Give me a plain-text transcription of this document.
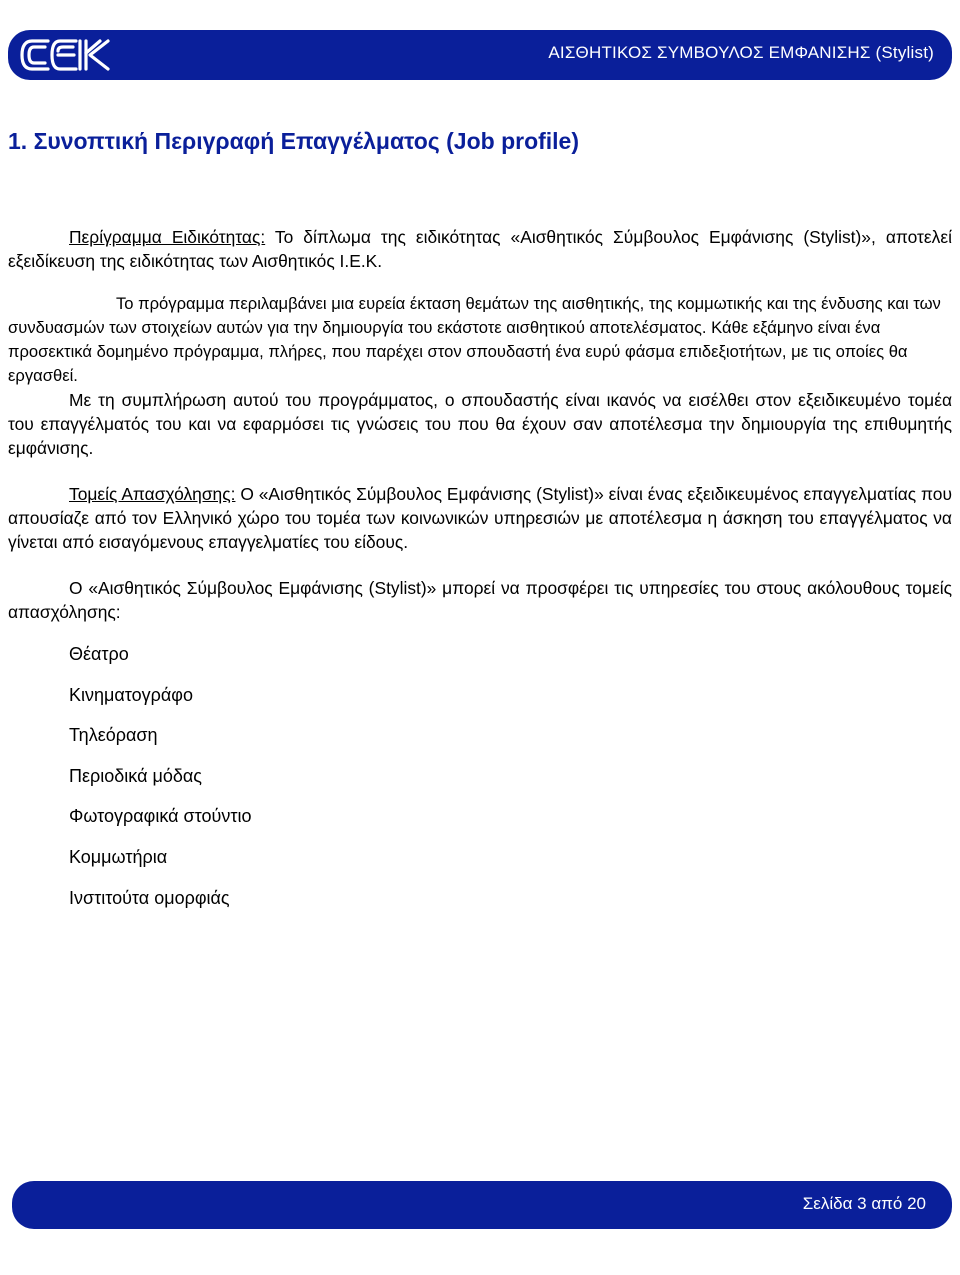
ΑΙΣΘΗΤΙΚΟΣ ΣΥΜΒΟΥΛΟΣ ΕΜΦΑΝΙΣΗΣ (Stylist)
1. Συνοπτική Περιγραφή Επαγγέλματος (Job profile)

Περίγραμμα Ειδικότητας: Το δίπλωμα της ειδικότητας «Αισθητικός Σύμβουλος Εμφάνισης (Stylist)», αποτελεί εξειδίκευση της ειδικότητας των Αισθητικός Ι.Ε.Κ.

Το πρόγραμμα περιλαμβάνει μια ευρεία έκταση θεμάτων της αισθητικής, της κομμωτικής και της ένδυσης και των συνδυασμών των στοιχείων αυτών για την δημιουργία του εκάστοτε αισθητικού αποτελέσματος. Κάθε εξάμηνο είναι ένα προσεκτικά δομημένο πρόγραμμα, πλήρες, που παρέχει στον σπουδαστή ένα ευρύ φάσμα επιδεξιοτήτων, με τις οποίες θα εργασθεί.

Με τη συμπλήρωση αυτού του προγράμματος, ο σπουδαστής είναι ικανός να εισέλθει στον εξειδικευμένο τομέα του επαγγέλματός του και να εφαρμόσει τις γνώσεις του που θα έχουν σαν αποτέλεσμα την δημιουργία της επιθυμητής εμφάνισης.

Τομείς Απασχόλησης: Ο «Αισθητικός Σύμβουλος Εμφάνισης (Stylist)» είναι ένας εξειδικευμένος επαγγελματίας που απουσίαζε από τον Ελληνικό χώρο του τομέα των κοινωνικών υπηρεσιών με αποτέλεσμα η άσκηση του επαγγέλματος να γίνεται από εισαγόμενους επαγγελματίες του είδους.

Ο «Αισθητικός Σύμβουλος Εμφάνισης (Stylist)» μπορεί να προσφέρει τις υπηρεσίες του στους ακόλουθους τομείς απασχόλησης:

Θέατρο
Κινηματογράφο
Τηλεόραση
Περιοδικά μόδας
Φωτογραφικά στούντιο
Κομμωτήρια
Ινστιτούτα ομορφιάς
Σελίδα 3 από 20
